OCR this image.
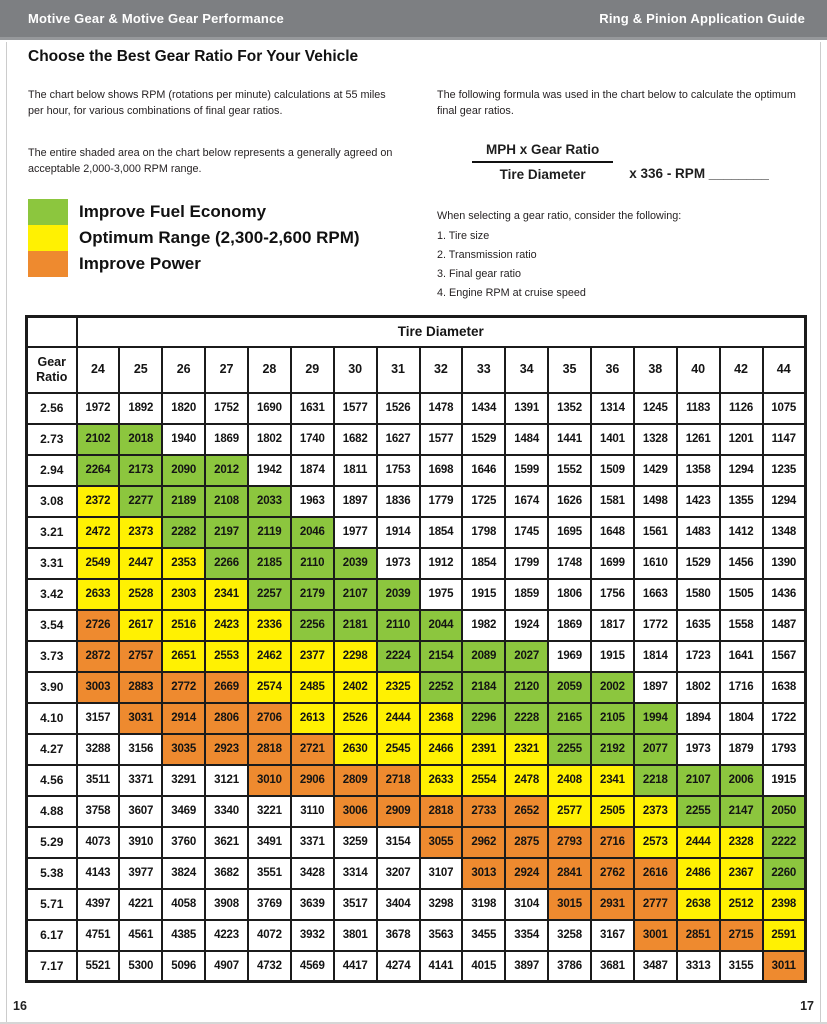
Motive Gear & Motive Gear Performance	Ring & Pinion Application Guide
Choose the Best Gear Ratio For Your Vehicle

The chart below shows RPM (rotations per minute) calculations at 55 miles per hour, for various combinations of final gear ratios.

The entire shaded area on the chart below represents a generally agreed on acceptable 2,000-3,000 RPM range.

The following formula was used in the chart below to calculate the optimum final gear ratios.

Improve Fuel Economy
Optimum Range (2,300-2,600 RPM)
Improve Power
$\frac{\text{MPH x Gear Ratio}}{\text{Tire Diameter}}$ x 336 - RPM ________
When selecting a gear ratio, consider the following:
1. Tire size
2. Transmission ratio
3. Final gear ratio
4. Engine RPM at cruise speed
	Tire Diameter																
Gear Ratio	24	25	26	27	28	29	30	31	32	33	34	35	36	38	40	42	44
2.56	1972	1892	1820	1752	1690	1631	1577	1526	1478	1434	1391	1352	1314	1245	1183	1126	1075
2.73	2102	2018	1940	1869	1802	1740	1682	1627	1577	1529	1484	1441	1401	1328	1261	1201	1147
2.94	2264	2173	2090	2012	1942	1874	1811	1753	1698	1646	1599	1552	1509	1429	1358	1294	1235
3.08	2372	2277	2189	2108	2033	1963	1897	1836	1779	1725	1674	1626	1581	1498	1423	1355	1294
3.21	2472	2373	2282	2197	2119	2046	1977	1914	1854	1798	1745	1695	1648	1561	1483	1412	1348
3.31	2549	2447	2353	2266	2185	2110	2039	1973	1912	1854	1799	1748	1699	1610	1529	1456	1390
3.42	2633	2528	2303	2341	2257	2179	2107	2039	1975	1915	1859	1806	1756	1663	1580	1505	1436
3.54	2726	2617	2516	2423	2336	2256	2181	2110	2044	1982	1924	1869	1817	1772	1635	1558	1487
3.73	2872	2757	2651	2553	2462	2377	2298	2224	2154	2089	2027	1969	1915	1814	1723	1641	1567
3.90	3003	2883	2772	2669	2574	2485	2402	2325	2252	2184	2120	2059	2002	1897	1802	1716	1638
4.10	3157	3031	2914	2806	2706	2613	2526	2444	2368	2296	2228	2165	2105	1994	1894	1804	1722
4.27	3288	3156	3035	2923	2818	2721	2630	2545	2466	2391	2321	2255	2192	2077	1973	1879	1793
4.56	3511	3371	3291	3121	3010	2906	2809	2718	2633	2554	2478	2408	2341	2218	2107	2006	1915
4.88	3758	3607	3469	3340	3221	3110	3006	2909	2818	2733	2652	2577	2505	2373	2255	2147	2050
5.29	4073	3910	3760	3621	3491	3371	3259	3154	3055	2962	2875	2793	2716	2573	2444	2328	2222
5.38	4143	3977	3824	3682	3551	3428	3314	3207	3107	3013	2924	2841	2762	2616	2486	2367	2260
5.71	4397	4221	4058	3908	3769	3639	3517	3404	3298	3198	3104	3015	2931	2777	2638	2512	2398
6.17	4751	4561	4385	4223	4072	3932	3801	3678	3563	3455	3354	3258	3167	3001	2851	2715	2591
7.17	5521	5300	5096	4907	4732	4569	4417	4274	4141	4015	3897	3786	3681	3487	3313	3155	3011
16	17
